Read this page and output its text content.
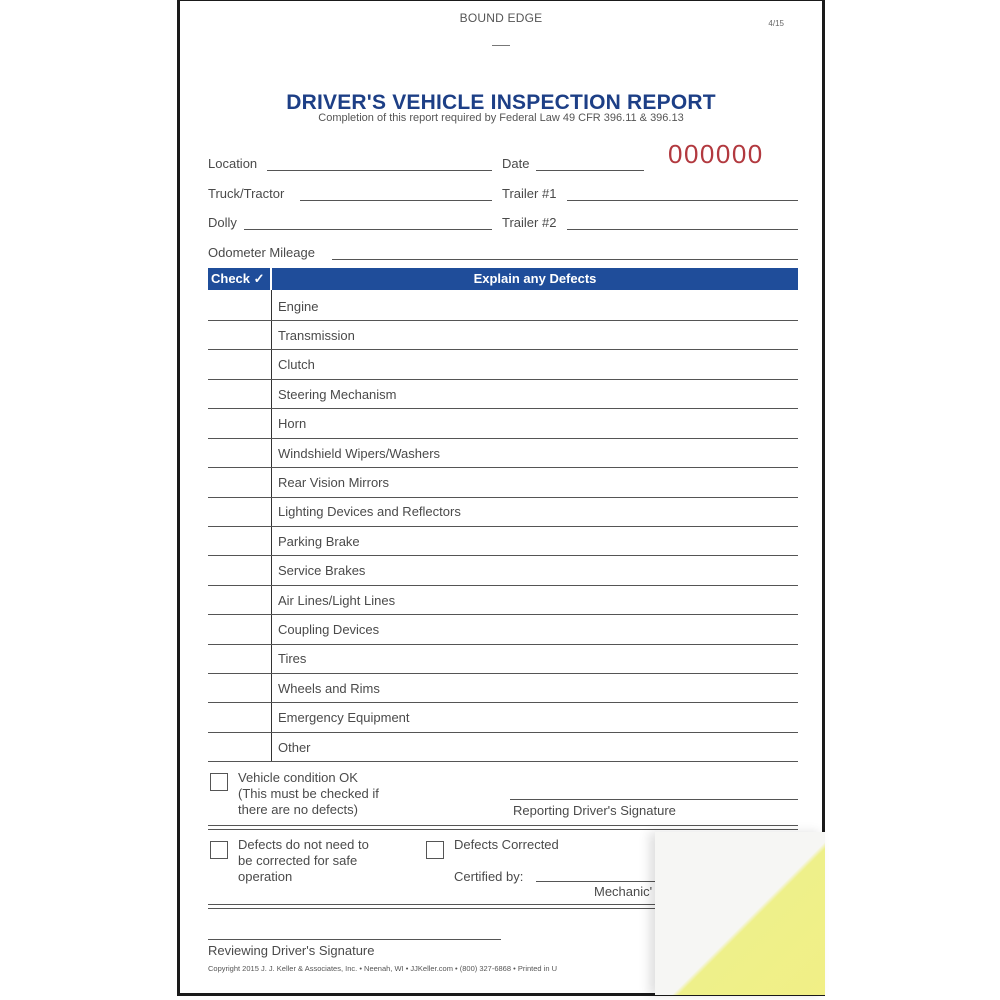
BOUND EDGE	4/15
DRIVER'S VEHICLE INSPECTION REPORT
Completion of this report required by Federal Law 49 CFR 396.11 & 396.13
000000
Location	Date
Truck/Tractor	Trailer #1
Dolly	Trailer #2
Odometer Mileage
Check ✓	Explain any Defects
Engine
Transmission
Clutch
Steering Mechanism
Horn
Windshield Wipers/Washers
Rear Vision Mirrors
Lighting Devices and Reflectors
Parking Brake
Service Brakes
Air Lines/Light Lines
Coupling Devices
Tires
Wheels and Rims
Emergency Equipment
Other
Vehicle condition OK
(This must be checked if
there are no defects)	Reporting Driver's Signature
Defects do not need to
be corrected for safe
operation
Defects Corrected
Certified by:
Mechanic'
Reviewing Driver's Signature
Copyright 2015 J. J. Keller & Associates, Inc. • Neenah, WI • JJKeller.com • (800) 327-6868 • Printed in U
